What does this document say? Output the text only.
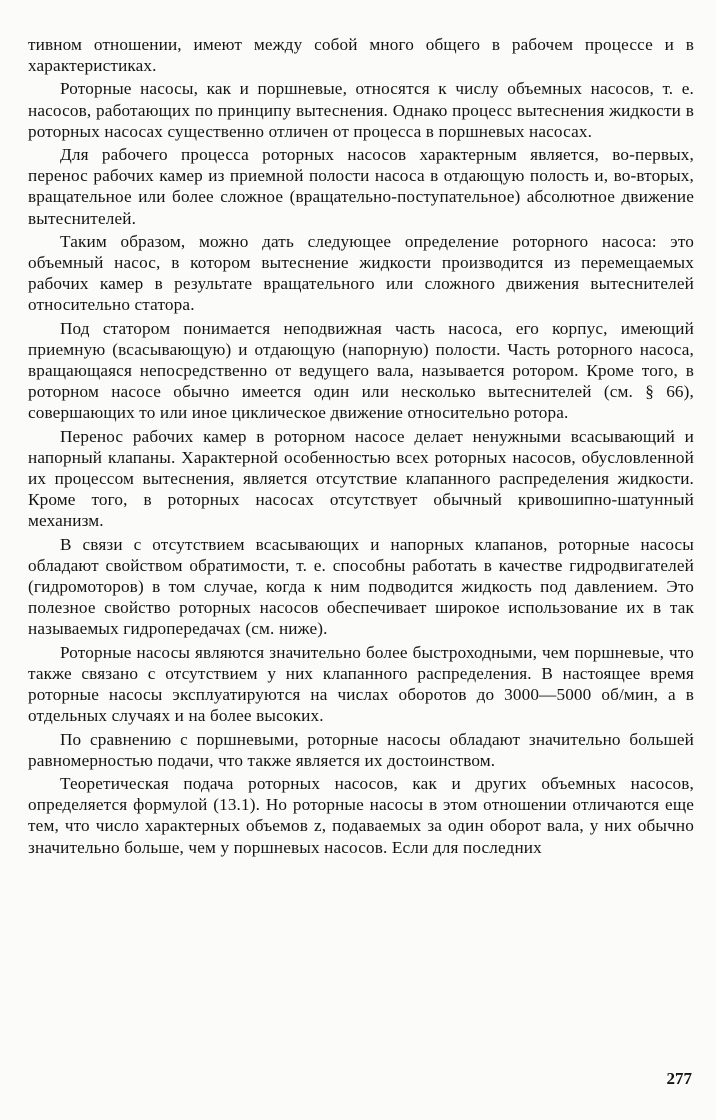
тивном отношении, имеют между собой много общего в рабочем процессе и в характеристиках.

Роторные насосы, как и поршневые, относятся к числу объемных насосов, т. е. насосов, работающих по принципу вытеснения. Однако процесс вытеснения жидкости в роторных насосах существенно отличен от процесса в поршневых насосах.

Для рабочего процесса роторных насосов характерным является, во-первых, перенос рабочих камер из приемной полости насоса в отдающую полость и, во-вторых, вращательное или более сложное (вращательно-поступательное) абсолютное движение вытеснителей.

Таким образом, можно дать следующее определение роторного насоса: это объемный насос, в котором вытеснение жидкости производится из перемещаемых рабочих камер в результате вращательного или сложного движения вытеснителей относительно статора.

Под статором понимается неподвижная часть насоса, его корпус, имеющий приемную (всасывающую) и отдающую (напорную) полости. Часть роторного насоса, вращающаяся непосредственно от ведущего вала, называется ротором. Кроме того, в роторном насосе обычно имеется один или несколько вытеснителей (см. § 66), совершающих то или иное циклическое движение относительно ротора.

Перенос рабочих камер в роторном насосе делает ненужными всасывающий и напорный клапаны. Характерной особенностью всех роторных насосов, обусловленной их процессом вытеснения, является отсутствие клапанного распределения жидкости. Кроме того, в роторных насосах отсутствует обычный кривошипно-шатунный механизм.

В связи с отсутствием всасывающих и напорных клапанов, роторные насосы обладают свойством обратимости, т. е. способны работать в качестве гидродвигателей (гидромоторов) в том случае, когда к ним подводится жидкость под давлением. Это полезное свойство роторных насосов обеспечивает широкое использование их в так называемых гидропередачах (см. ниже).

Роторные насосы являются значительно более быстроходными, чем поршневые, что также связано с отсутствием у них клапанного распределения. В настоящее время роторные насосы эксплуатируются на числах оборотов до 3000—5000 об/мин, а в отдельных случаях и на более высоких.

По сравнению с поршневыми, роторные насосы обладают значительно большей равномерностью подачи, что также является их достоинством.

Теоретическая подача роторных насосов, как и других объемных насосов, определяется формулой (13.1). Но роторные насосы в этом отношении отличаются еще тем, что число характерных объемов z, подаваемых за один оборот вала, у них обычно значительно больше, чем у поршневых насосов. Если для последних

277
